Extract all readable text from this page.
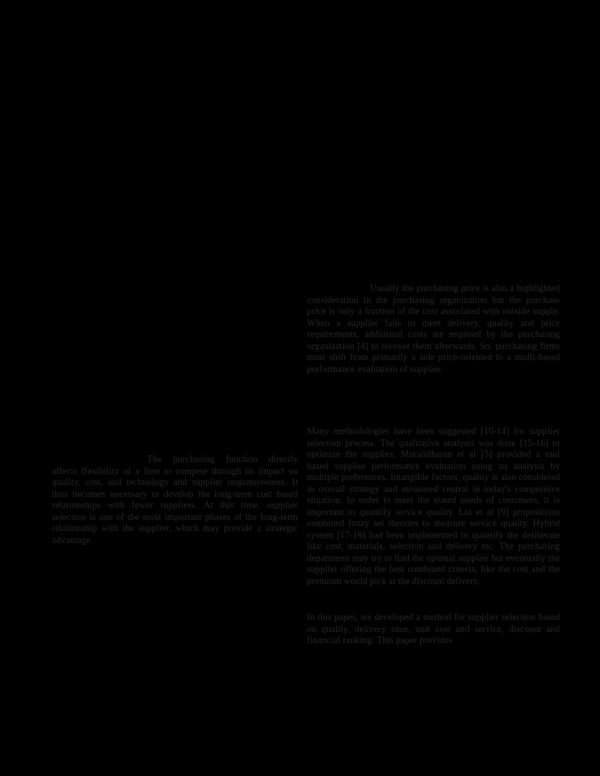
Usually the purchasing price is also a highlighted consideration in the purchasing organization but the purchase price is only a fraction of the cost associated with outside supply. When a supplier fails to meet delivery, quality and price requirements, additional costs are required by the purchasing organization [4] to recover them afterwards. So, purchasing firms must shift from primarily a sole price-oriented to a multi-based performance evaluation of supplier.
Many methodologies have been suggested [10-14] for supplier selection process. The qualitative analysis was done [15-16] to optimize the supplies. Muralidharan et al [5] provided a tool based supplier performance evaluation using an analysis by multiple preferences. Intangible factors, quality is also considered in overall strategy and measured central in today's competitive situation. In order to meet the stated needs of customers, it is important to quantify service quality. Liu et al [9] propositions combined fuzzy set theories to measure service quality. Hybrid system [17-18] had been implemented to quantify the deliberate like cost, materials, selection and delivery etc. The purchasing department may try to find the optimal supplier but eventually the supplier offering the best combined criteria, like the cost and the premium would pick at the discount delivery.
In this paper, we developed a method for supplier selection based on quality, delivery time, unit cost and service, discount and financial ranking. This paper provides
The purchasing function directly affects flexibility of a firm to compete through its impact on quality, cost, and technology and supplier responsiveness. It thus becomes necessary to develop the long-term cost based relationships with fewer suppliers. At this time, supplier selection is one of the most important phases of the long-term relationship with the supplier, which may provide a strategic advantage.
